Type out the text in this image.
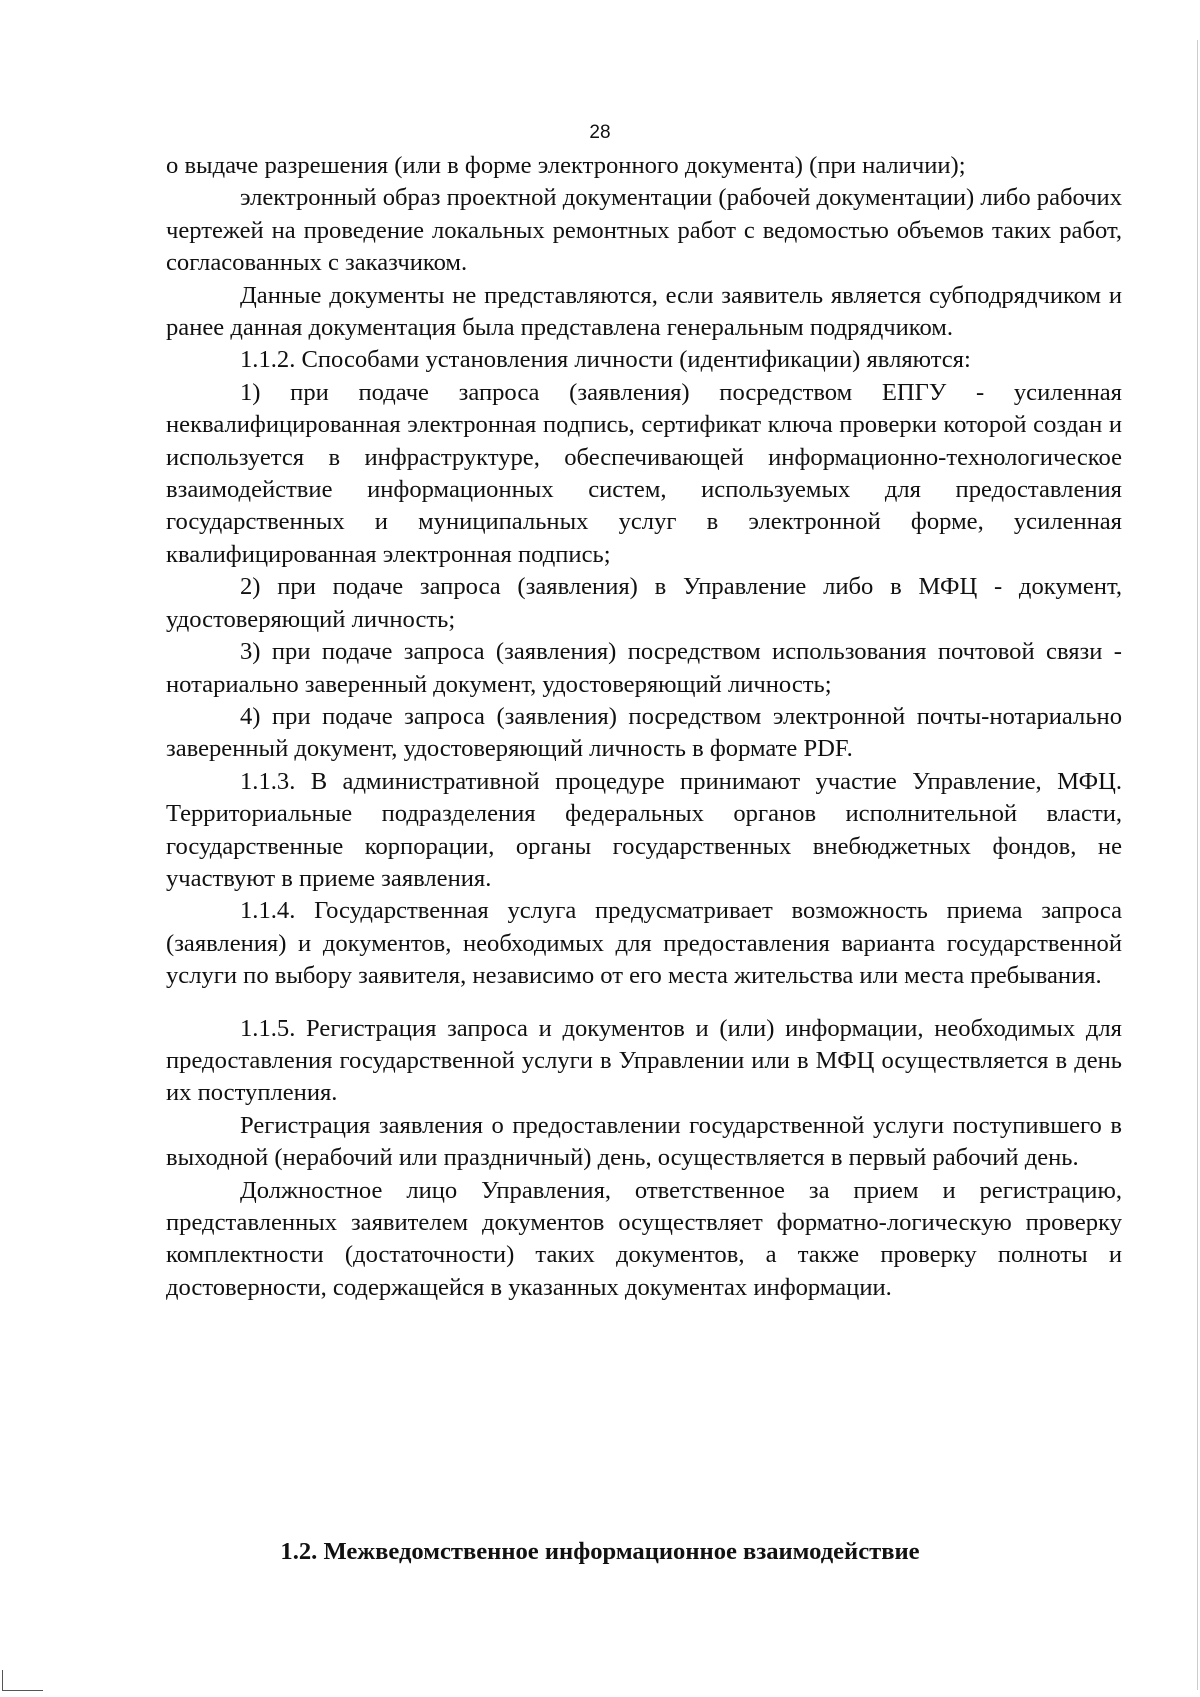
28

о выдаче разрешения (или в форме электронного документа) (при наличии);

электронный образ проектной документации (рабочей документации) либо рабочих чертежей на проведение локальных ремонтных работ с ведомостью объемов таких работ, согласованных с заказчиком.

Данные документы не представляются, если заявитель является субподрядчиком и ранее данная документация была представлена генеральным подрядчиком.

1.1.2. Способами установления личности (идентификации) являются:

1) при подаче запроса (заявления) посредством ЕПГУ - усиленная неквалифицированная электронная подпись, сертификат ключа проверки которой создан и используется в инфраструктуре, обеспечивающей информационно-технологическое взаимодействие информационных систем, используемых для предоставления государственных и муниципальных услуг в электронной форме, усиленная квалифицированная электронная подпись;

2) при подаче запроса (заявления) в Управление либо в МФЦ - документ, удостоверяющий личность;

3) при подаче запроса (заявления) посредством использования почтовой связи - нотариально заверенный документ, удостоверяющий личность;

4) при подаче запроса (заявления) посредством электронной почты-нотариально заверенный документ, удостоверяющий личность в формате PDF.

1.1.3. В административной процедуре принимают участие Управление, МФЦ. Территориальные подразделения федеральных органов исполнительной власти, государственные корпорации, органы государственных внебюджетных фондов, не участвуют в приеме заявления.

1.1.4. Государственная услуга предусматривает возможность приема запроса (заявления) и документов, необходимых для предоставления варианта государственной услуги по выбору заявителя, независимо от его места жительства или места пребывания.

1.1.5. Регистрация запроса и документов и (или) информации, необходимых для предоставления государственной услуги в Управлении или в МФЦ осуществляется в день их поступления.

Регистрация заявления о предоставлении государственной услуги поступившего в выходной (нерабочий или праздничный) день, осуществляется в первый рабочий день.

Должностное лицо Управления, ответственное за прием и регистрацию, представленных заявителем документов осуществляет форматно-логическую проверку комплектности (достаточности) таких документов, а также проверку полноты и достоверности, содержащейся в указанных документах информации.

1.2. Межведомственное информационное взаимодействие
